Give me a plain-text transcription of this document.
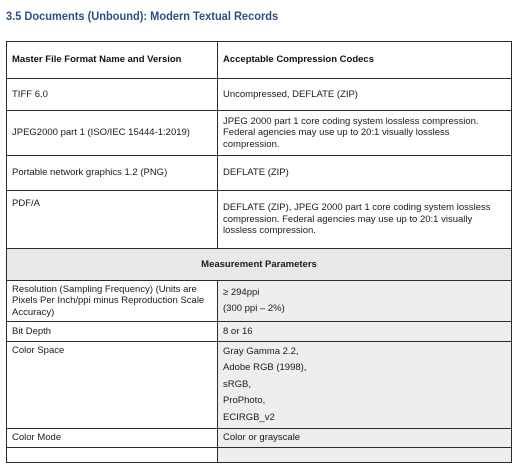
3.5 Documents (Unbound): Modern Textual Records
Master File Format Name and Version	Acceptable Compression Codecs
TIFF 6.0	Uncompressed, DEFLATE (ZIP)
JPEG2000 part 1 (ISO/IEC 15444-1:2019)	JPEG 2000 part 1 core coding system lossless compression. Federal agencies may use up to 20:1 visually lossless compression.
Portable network graphics 1.2 (PNG)	DEFLATE (ZIP)
PDF/A	DEFLATE (ZIP), JPEG 2000 part 1 core coding system lossless compression. Federal agencies may use up to 20:1 visually lossless compression.
Measurement Parameters	
Resolution (Sampling Frequency) (Units are Pixels Per Inch/ppi minus Reproduction Scale Accuracy)	≥ 294ppi
(300 ppi – 2%)

Bit Depth	8 or 16
Color Space	Gray Gamma 2.2,
Adobe RGB (1998),
sRGB,
ProPhoto,
ECIRGB_v2

Color Mode	Color or grayscale
